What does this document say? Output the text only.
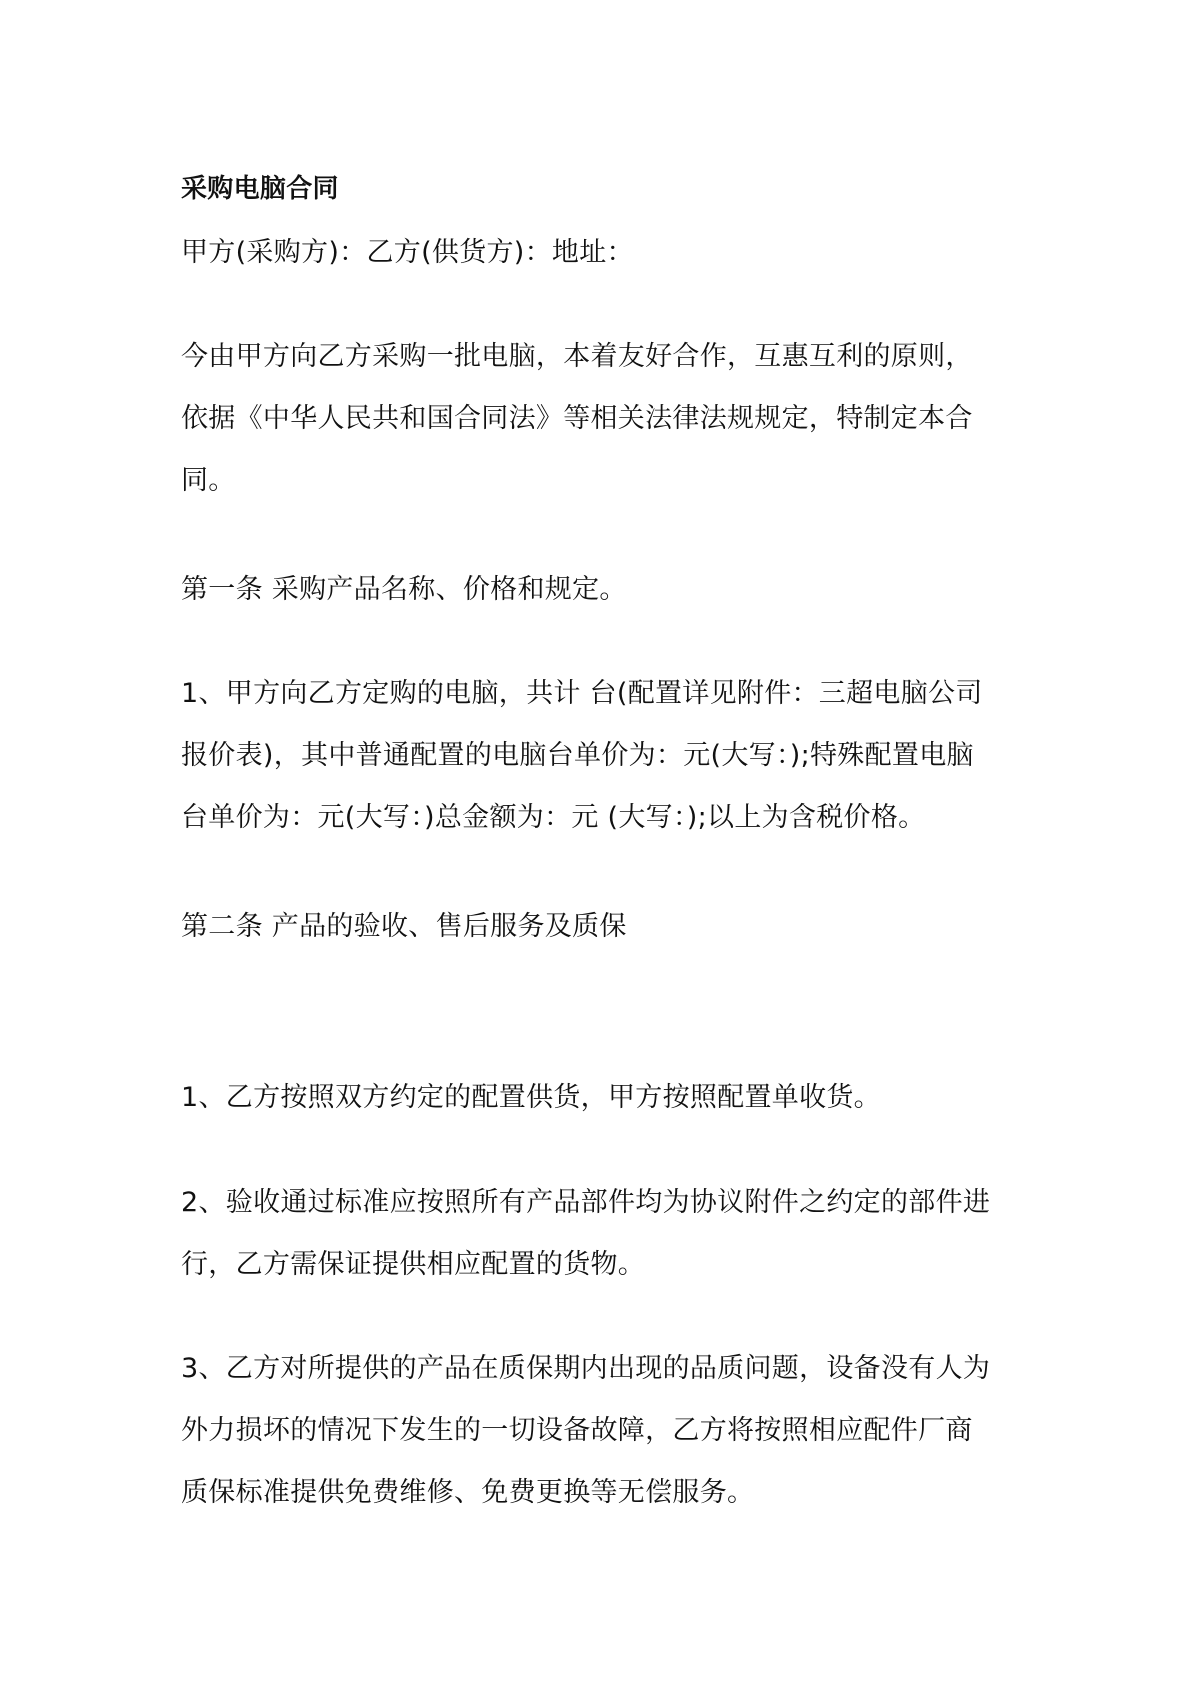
采购电脑合同
甲方(采购方)：乙方(供货方)：地址：
今由甲方向乙方采购一批电脑，本着友好合作，互惠互利的原则，
依据《中华人民共和国合同法》等相关法律法规规定，特制定本合
同。
第一条 采购产品名称、价格和规定。
1、甲方向乙方定购的电脑，共计 台(配置详见附件：三超电脑公司
报价表)，其中普通配置的电脑台单价为：元(大写：);特殊配置电脑
台单价为：元(大写：)总金额为：元 (大写：);以上为含税价格。
第二条 产品的验收、售后服务及质保
1、乙方按照双方约定的配置供货，甲方按照配置单收货。
2、验收通过标准应按照所有产品部件均为协议附件之约定的部件进
行，乙方需保证提供相应配置的货物。
3、乙方对所提供的产品在质保期内出现的品质问题，设备没有人为
外力损坏的情况下发生的一切设备故障，乙方将按照相应配件厂商
质保标准提供免费维修、免费更换等无偿服务。
